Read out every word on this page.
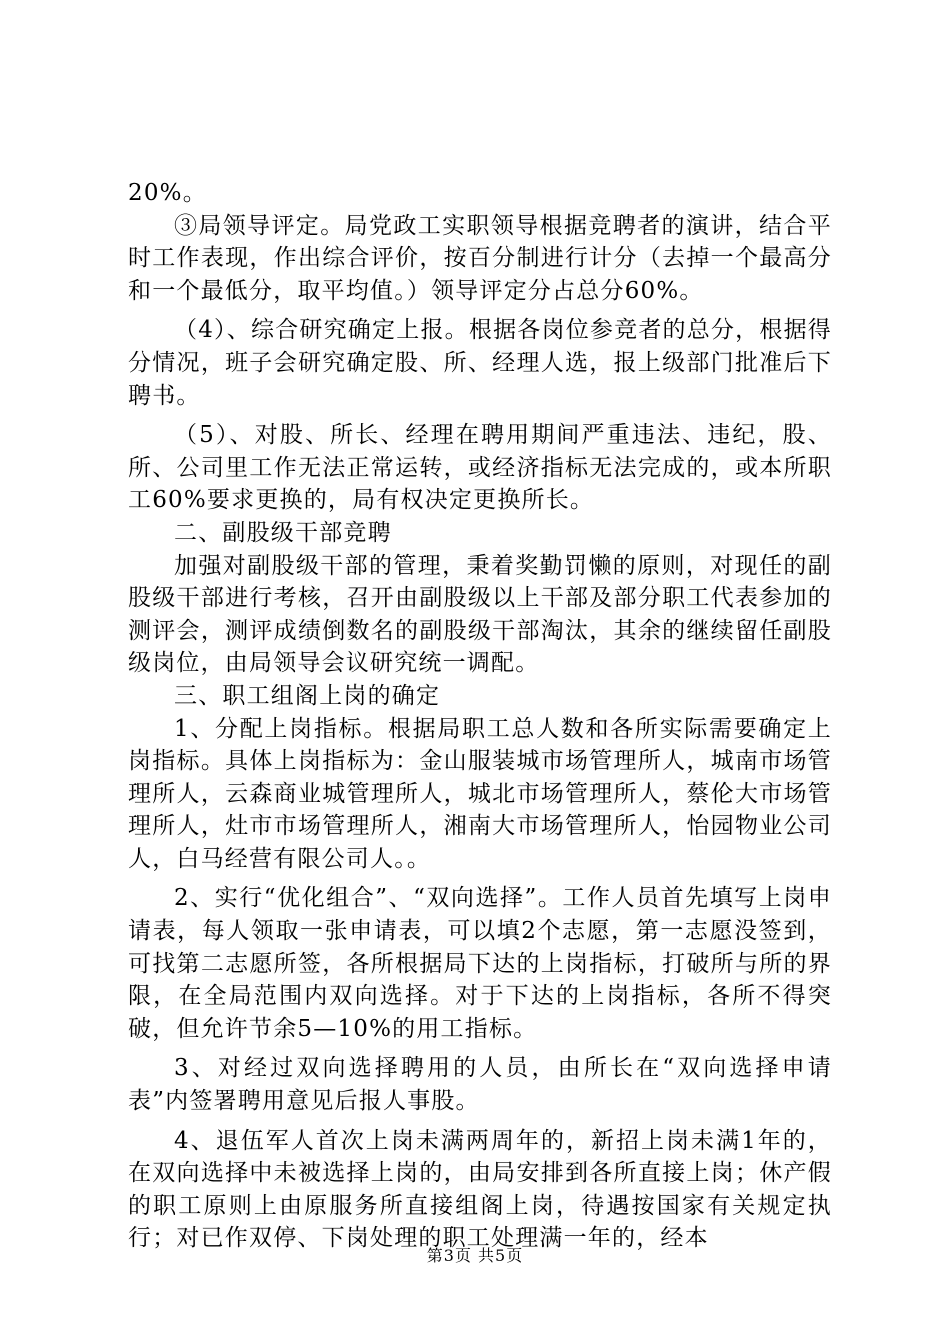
20%。

③局领导评定。局党政工实职领导根据竞聘者的演讲，结合平时工作表现，作出综合评价，按百分制进行计分（去掉一个最高分和一个最低分，取平均值。）领导评定分占总分60%。

（4）、综合研究确定上报。根据各岗位参竞者的总分，根据得分情况，班子会研究确定股、所、经理人选，报上级部门批准后下聘书。

（5）、对股、所长、经理在聘用期间严重违法、违纪，股、所、公司里工作无法正常运转，或经济指标无法完成的，或本所职工60%要求更换的，局有权决定更换所长。

二、副股级干部竞聘

加强对副股级干部的管理，秉着奖勤罚懒的原则，对现任的副股级干部进行考核，召开由副股级以上干部及部分职工代表参加的测评会，测评成绩倒数名的副股级干部淘汰，其余的继续留任副股级岗位，由局领导会议研究统一调配。

三、职工组阁上岗的确定

1、分配上岗指标。根据局职工总人数和各所实际需要确定上岗指标。具体上岗指标为：金山服装城市场管理所人，城南市场管理所人，云森商业城管理所人，城北市场管理所人，蔡伦大市场管理所人，灶市市场管理所人，湘南大市场管理所人，怡园物业公司人，白马经营有限公司人。。

2、实行“优化组合”、“双向选择”。工作人员首先填写上岗申请表，每人领取一张申请表，可以填2个志愿，第一志愿没签到，可找第二志愿所签，各所根据局下达的上岗指标，打破所与所的界限，在全局范围内双向选择。对于下达的上岗指标，各所不得突破，但允许节余5—10%的用工指标。

3、对经过双向选择聘用的人员，由所长在“双向选择申请表”内签署聘用意见后报人事股。

4、退伍军人首次上岗未满两周年的，新招上岗未满1年的，在双向选择中未被选择上岗的，由局安排到各所直接上岗；休产假的职工原则上由原服务所直接组阁上岗，待遇按国家有关规定执行；对已作双停、下岗处理的职工处理满一年的，经本

第3页 共5页
